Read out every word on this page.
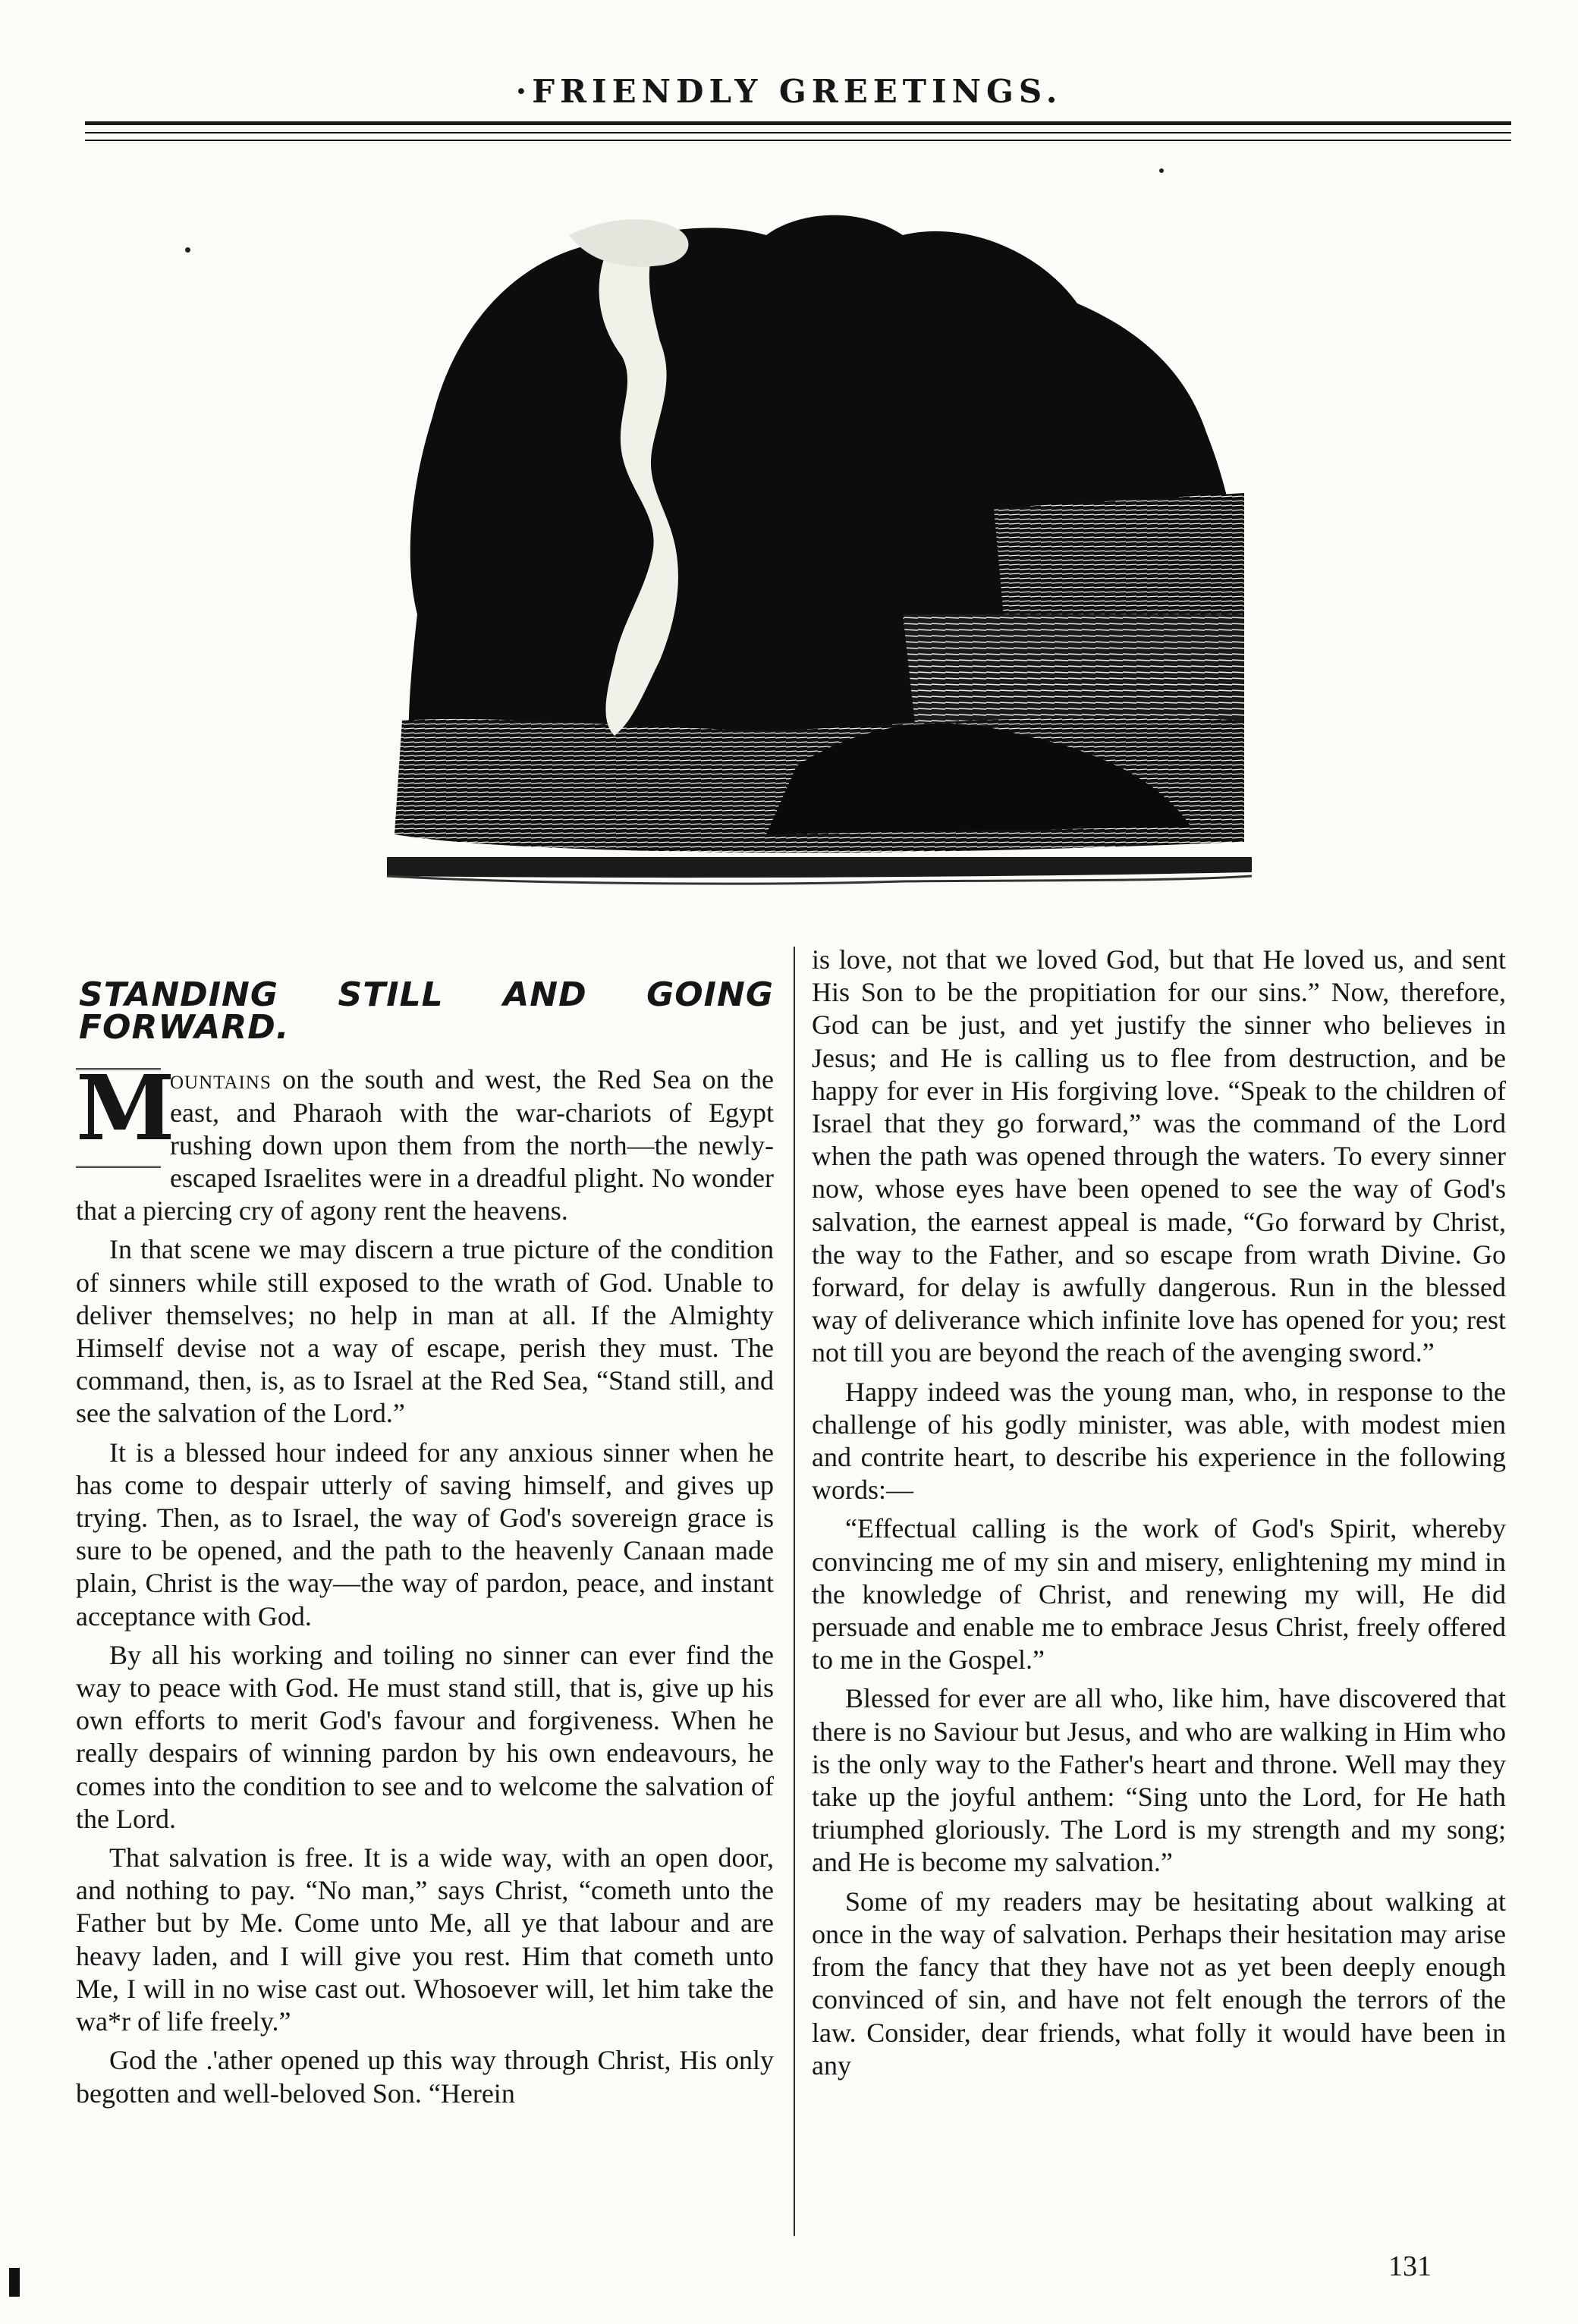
·FRIENDLY GREETINGS.
STANDING STILL AND GOING FORWARD.

M
ountains on the south and west, the Red Sea on the east, and Pharaoh with the war-chariots of Egypt rushing down upon them from the north—the newly-escaped Israelites were in a dreadful plight. No wonder that a piercing cry of agony rent the heavens.

In that scene we may discern a true picture of the condition of sinners while still exposed to the wrath of God. Unable to deliver themselves; no help in man at all. If the Almighty Himself devise not a way of escape, perish they must. The command, then, is, as to Israel at the Red Sea, “Stand still, and see the salvation of the Lord.”

It is a blessed hour indeed for any anxious sinner when he has come to despair utterly of saving himself, and gives up trying. Then, as to Israel, the way of God's sovereign grace is sure to be opened, and the path to the heavenly Canaan made plain, Christ is the way—the way of pardon, peace, and instant acceptance with God.

By all his working and toiling no sinner can ever find the way to peace with God. He must stand still, that is, give up his own efforts to merit God's favour and forgiveness. When he really despairs of winning pardon by his own endeavours, he comes into the condition to see and to welcome the salvation of the Lord.

That salvation is free. It is a wide way, with an open door, and nothing to pay. “No man,” says Christ, “cometh unto the Father but by Me. Come unto Me, all ye that labour and are heavy laden, and I will give you rest. Him that cometh unto Me, I will in no wise cast out. Whosoever will, let him take the wa*r of life freely.”

God the .'ather opened up this way through Christ, His only begotten and well-beloved Son. “Herein

is love, not that we loved God, but that He loved us, and sent His Son to be the propitiation for our sins.” Now, therefore, God can be just, and yet justify the sinner who believes in Jesus; and He is calling us to flee from destruction, and be happy for ever in His forgiving love. “Speak to the children of Israel that they go forward,” was the command of the Lord when the path was opened through the waters. To every sinner now, whose eyes have been opened to see the way of God's salvation, the earnest appeal is made, “Go forward by Christ, the way to the Father, and so escape from wrath Divine. Go forward, for delay is awfully dangerous. Run in the blessed way of deliverance which infinite love has opened for you; rest not till you are beyond the reach of the avenging sword.”

Happy indeed was the young man, who, in response to the challenge of his godly minister, was able, with modest mien and contrite heart, to describe his experience in the following words:—

“Effectual calling is the work of God's Spirit, whereby convincing me of my sin and misery, enlightening my mind in the knowledge of Christ, and renewing my will, He did persuade and enable me to embrace Jesus Christ, freely offered to me in the Gospel.”

Blessed for ever are all who, like him, have discovered that there is no Saviour but Jesus, and who are walking in Him who is the only way to the Father's heart and throne. Well may they take up the joyful anthem: “Sing unto the Lord, for He hath triumphed gloriously. The Lord is my strength and my song; and He is become my salvation.”

Some of my readers may be hesitating about walking at once in the way of salvation. Perhaps their hesitation may arise from the fancy that they have not as yet been deeply enough convinced of sin, and have not felt enough the terrors of the law. Consider, dear friends, what folly it would have been in any

131
